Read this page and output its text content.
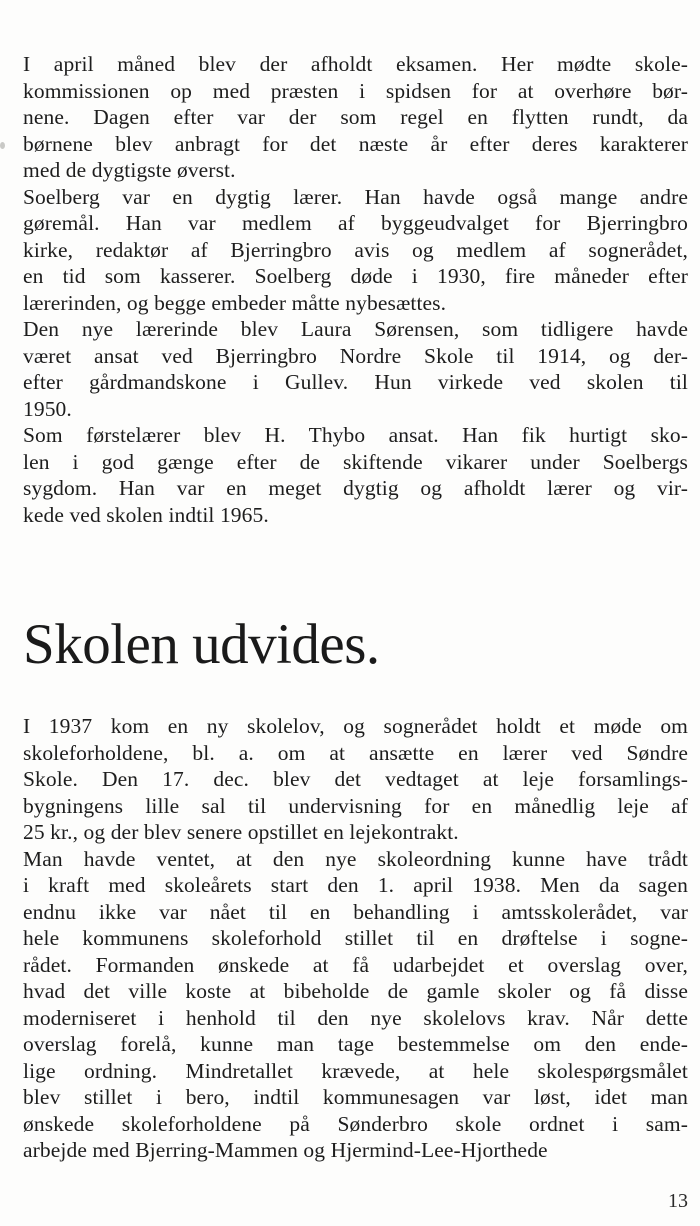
I april måned blev der afholdt eksamen. Her mødte skole-
kommissionen op med præsten i spidsen for at overhøre bør-
nene. Dagen efter var der som regel en flytten rundt, da
børnene blev anbragt for det næste år efter deres karakterer
med de dygtigste øverst.
Soelberg var en dygtig lærer. Han havde også mange andre
gøremål. Han var medlem af byggeudvalget for Bjerringbro
kirke, redaktør af Bjerringbro avis og medlem af sognerådet,
en tid som kasserer. Soelberg døde i 1930, fire måneder efter
lærerinden, og begge embeder måtte nybesættes.
Den nye lærerinde blev Laura Sørensen, som tidligere havde
været ansat ved Bjerringbro Nordre Skole til 1914, og der-
efter gårdmandskone i Gullev. Hun virkede ved skolen til
1950.
Som førstelærer blev H. Thybo ansat. Han fik hurtigt sko-
len i god gænge efter de skiftende vikarer under Soelbergs
sygdom. Han var en meget dygtig og afholdt lærer og vir-
kede ved skolen indtil 1965.
Skolen udvides.
I 1937 kom en ny skolelov, og sognerådet holdt et møde om
skoleforholdene, bl. a. om at ansætte en lærer ved Søndre
Skole. Den 17. dec. blev det vedtaget at leje forsamlings-
bygningens lille sal til undervisning for en månedlig leje af
25 kr., og der blev senere opstillet en lejekontrakt.
Man havde ventet, at den nye skoleordning kunne have trådt
i kraft med skoleårets start den 1. april 1938. Men da sagen
endnu ikke var nået til en behandling i amtsskolerådet, var
hele kommunens skoleforhold stillet til en drøftelse i sogne-
rådet. Formanden ønskede at få udarbejdet et overslag over,
hvad det ville koste at bibeholde de gamle skoler og få disse
moderniseret i henhold til den nye skolelovs krav. Når dette
overslag forelå, kunne man tage bestemmelse om den ende-
lige ordning. Mindretallet krævede, at hele skolespørgsmålet
blev stillet i bero, indtil kommunesagen var løst, idet man
ønskede skoleforholdene på Sønderbro skole ordnet i sam-
arbejde med Bjerring-Mammen og Hjermind-Lee-Hjorthede
13
